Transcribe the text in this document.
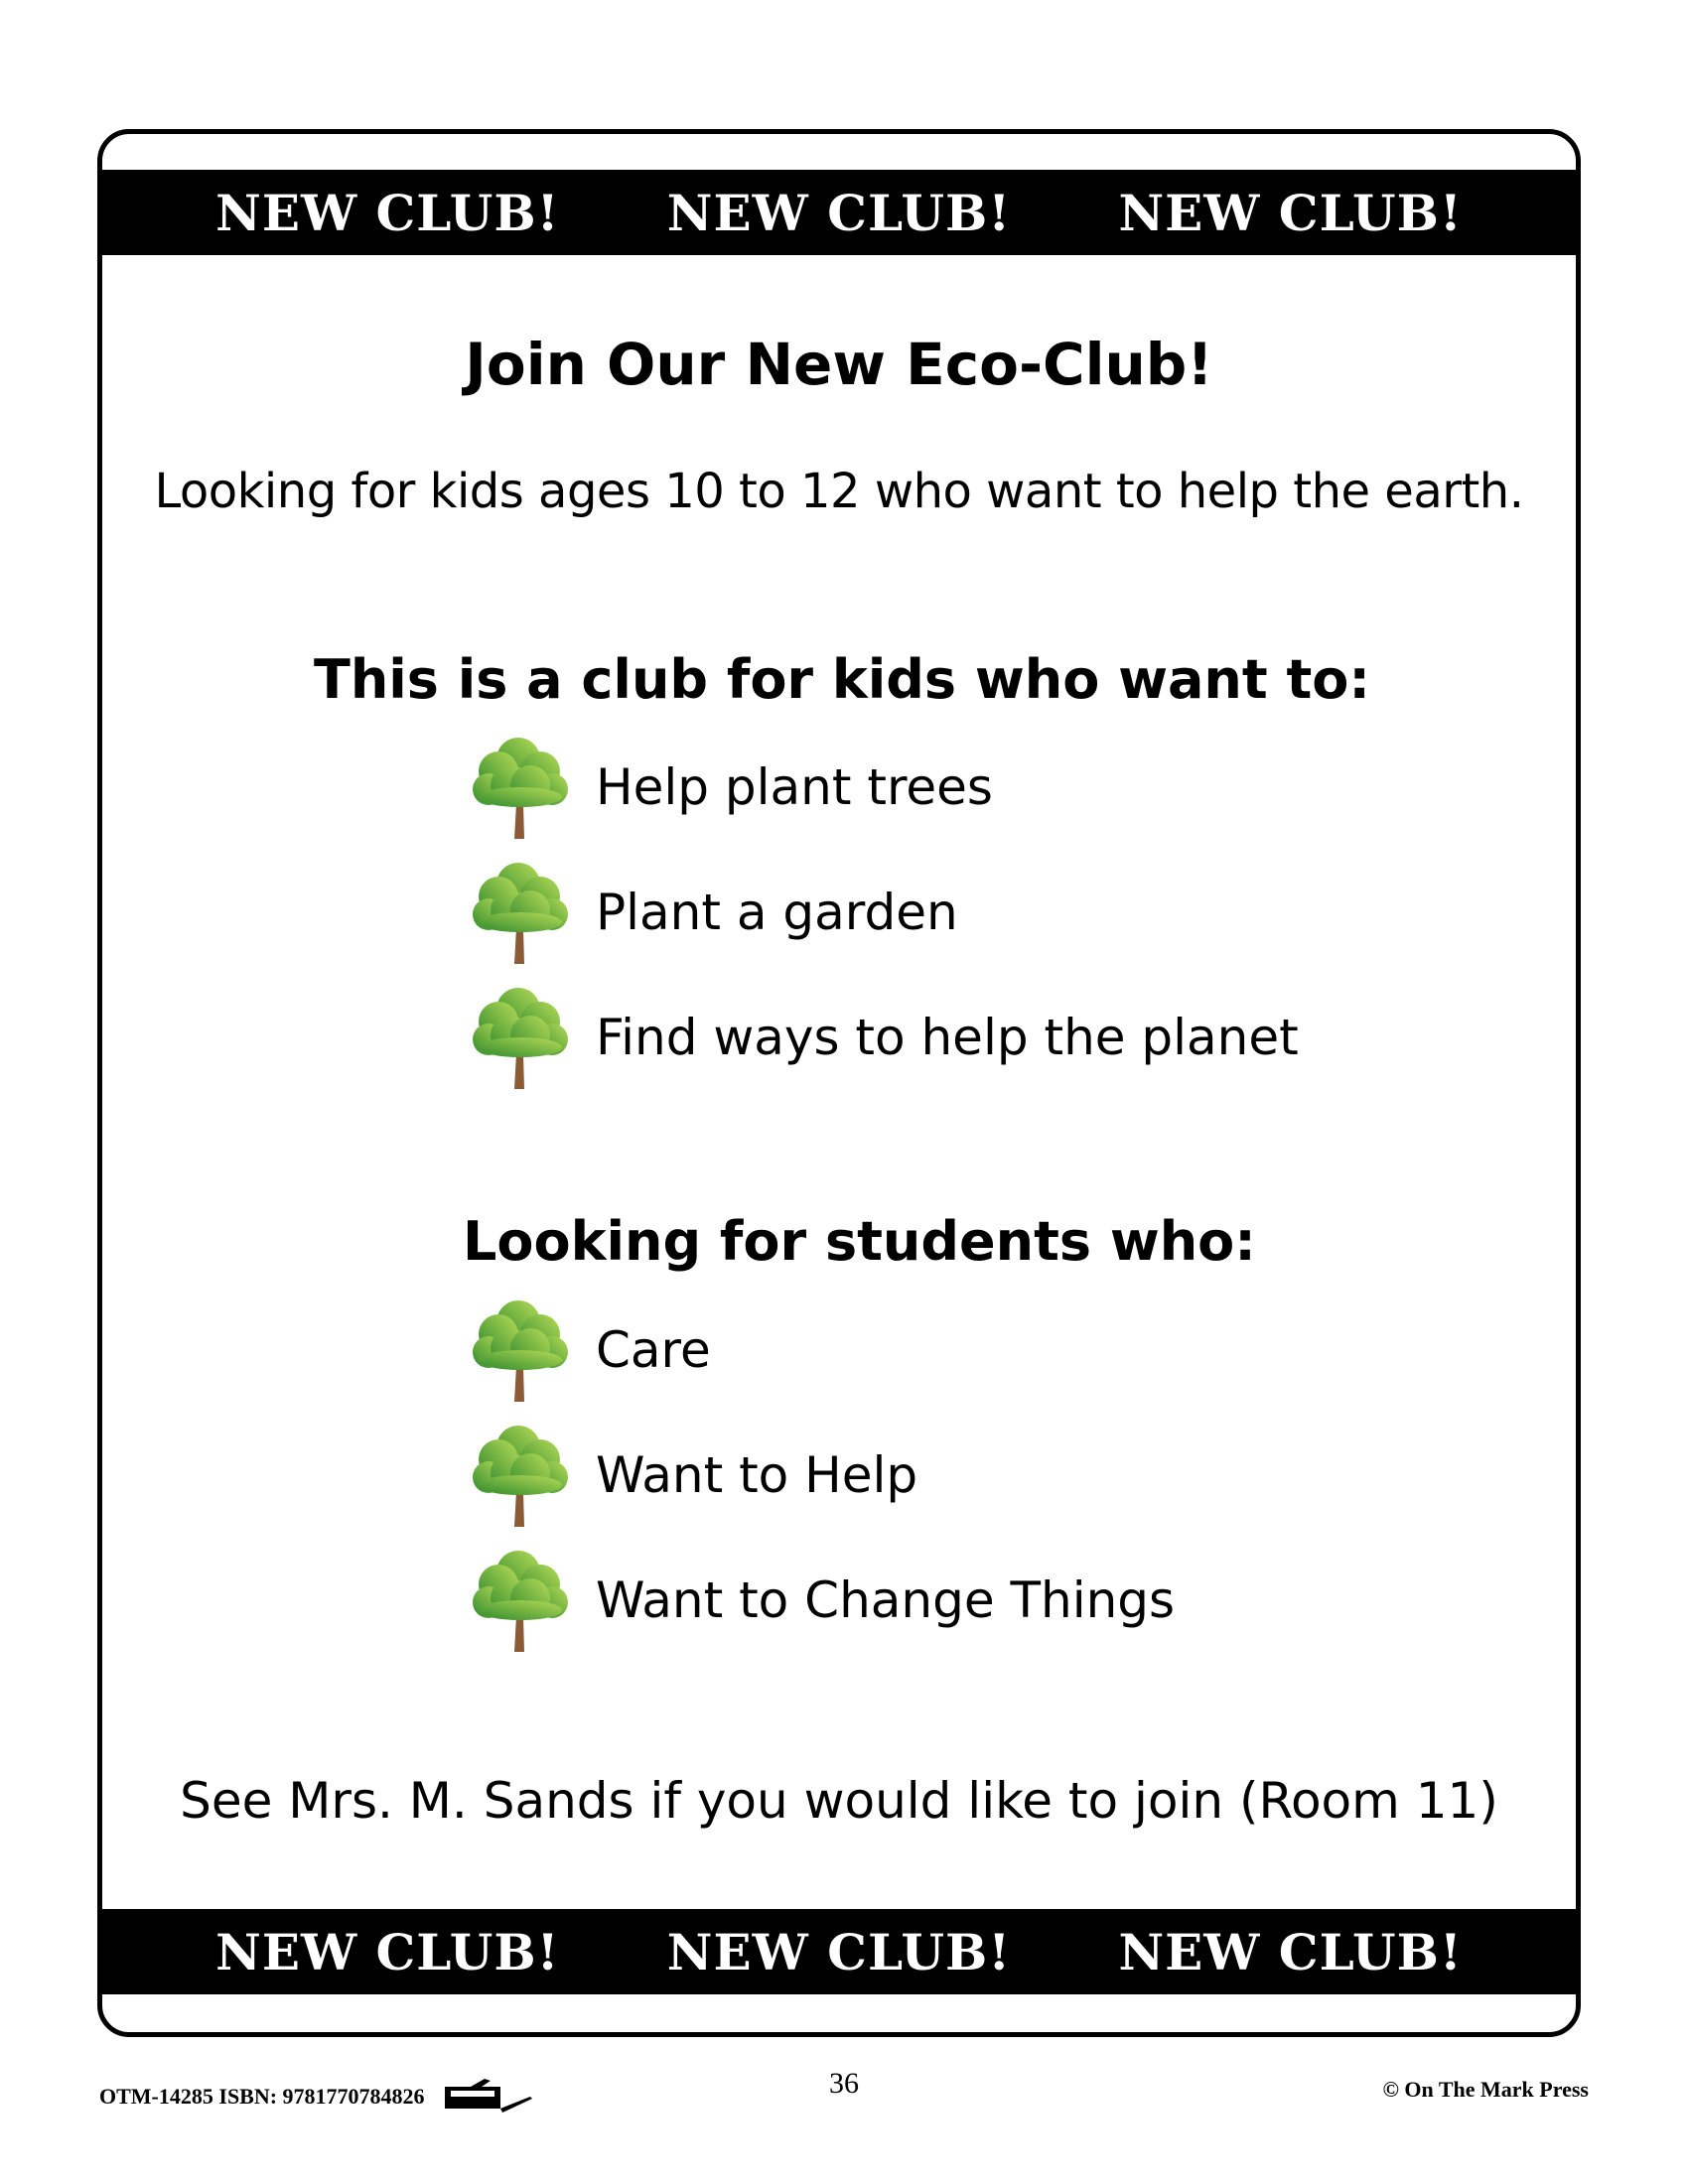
NEW CLUB! NEW CLUB! NEW CLUB!
Join Our New Eco-Club!
Looking for kids ages 10 to 12 who want to help the earth.
This is a club for kids who want to:
Help plant trees
Plant a garden
Find ways to help the planet
Looking for students who:
Care
Want to Help
Want to Change Things
See Mrs. M. Sands if you would like to join (Room 11)
NEW CLUB! NEW CLUB! NEW CLUB!
OTM-14285 ISBN: 9781770784826	36	© On The Mark Press
